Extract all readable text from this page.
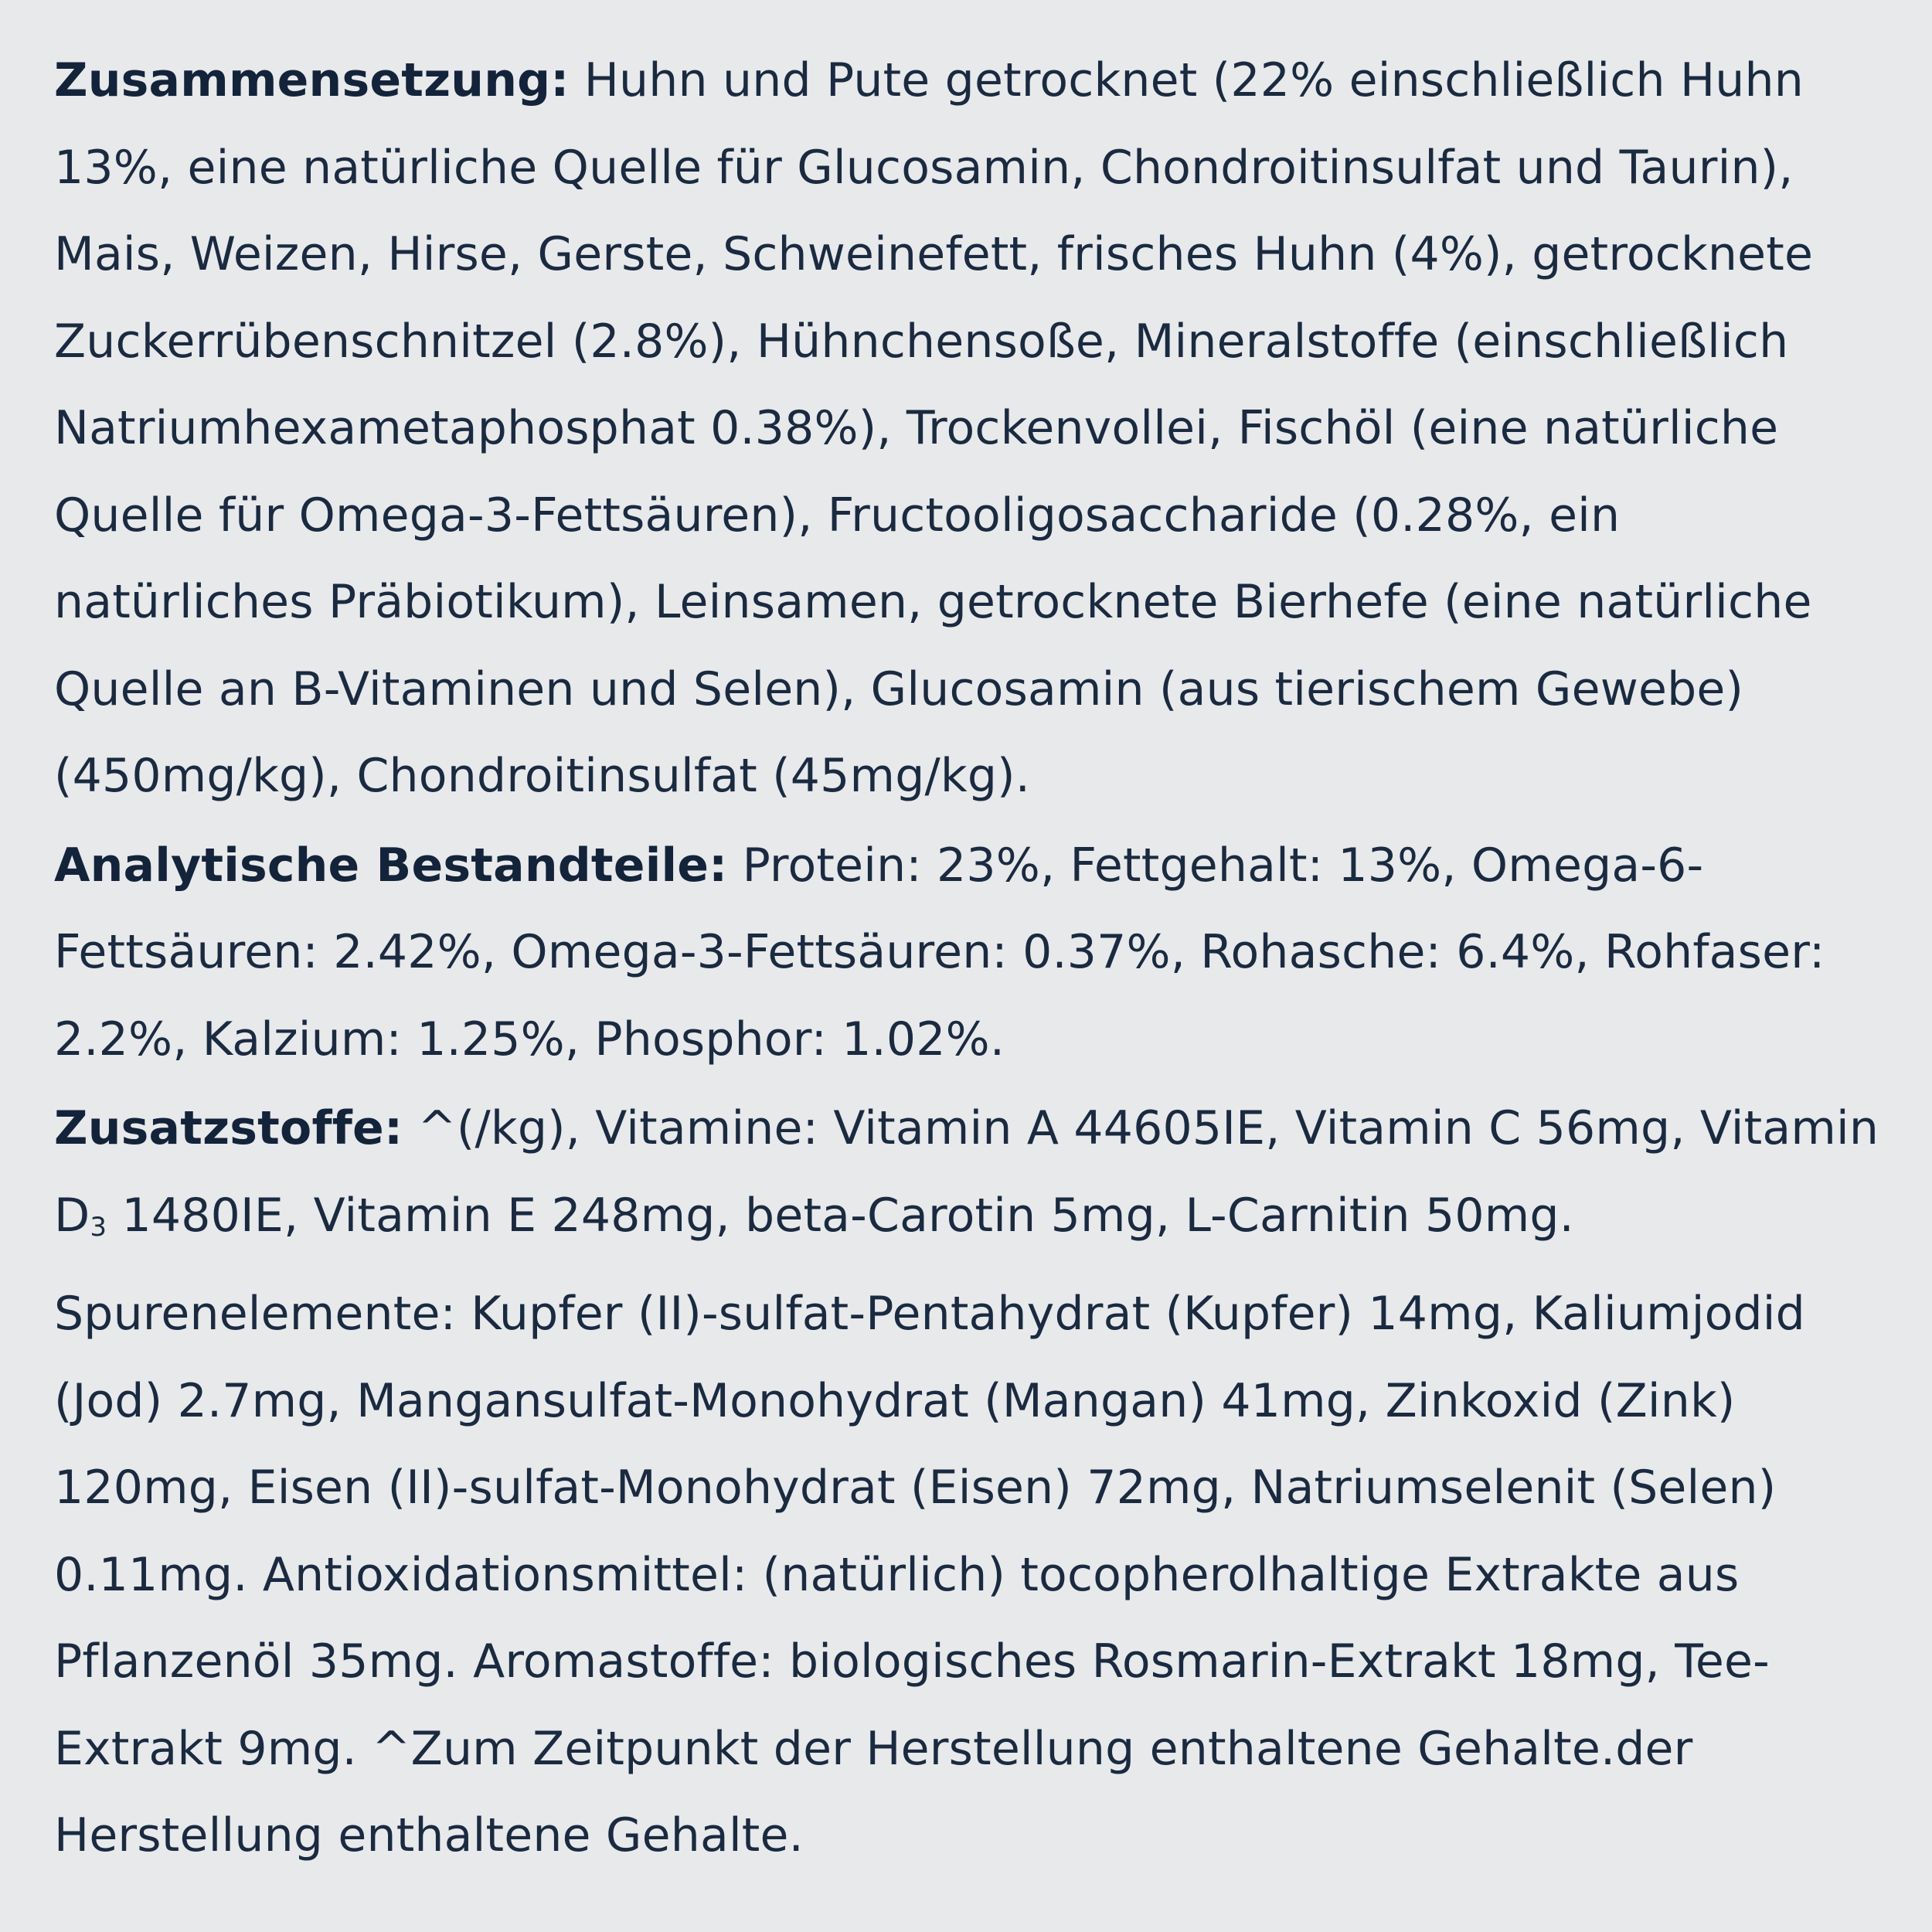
Zusammensetzung: Huhn und Pute getrocknet (22% einschließlich Huhn 13%, eine natürliche Quelle für Glucosamin, Chondroitinsulfat und Taurin), Mais, Weizen, Hirse, Gerste, Schweinefett, frisches Huhn (4%), getrocknete Zuckerrübenschnitzel (2.8%), Hühnchensoße, Mineralstoffe (einschließlich Natriumhexametaphosphat 0.38%), Trockenvollei, Fischöl (eine natürliche Quelle für Omega-3-Fettsäuren), Fructooligosaccharide (0.28%, ein natürliches Präbiotikum), Leinsamen, getrocknete Bierhefe (eine natürliche Quelle an B-Vitaminen und Selen), Glucosamin (aus tierischem Gewebe) (450mg/kg), Chondroitinsulfat (45mg/kg).

Analytische Bestandteile: Protein: 23%, Fettgehalt: 13%, Omega-6-Fettsäuren: 2.42%, Omega-3-Fettsäuren: 0.37%, Rohasche: 6.4%, Rohfaser: 2.2%, Kalzium: 1.25%, Phosphor: 1.02%.

Zusatzstoffe: ^(/kg), Vitamine: Vitamin A 44605IE, Vitamin C 56mg, Vitamin D3 1480IE, Vitamin E 248mg, beta-Carotin 5mg, L-Carnitin 50mg. Spurenelemente: Kupfer (II)-sulfat-Pentahydrat (Kupfer) 14mg, Kaliumjodid (Jod) 2.7mg, Mangansulfat-Monohydrat (Mangan) 41mg, Zinkoxid (Zink) 120mg, Eisen (II)-sulfat-Monohydrat (Eisen) 72mg, Natriumselenit (Selen) 0.11mg. Antioxidationsmittel: (natürlich) tocopherolhaltige Extrakte aus Pflanzenöl 35mg. Aromastoffe: biologisches Rosmarin-Extrakt 18mg, Tee-Extrakt 9mg. ^Zum Zeitpunkt der Herstellung enthaltene Gehalte.der Herstellung enthaltene Gehalte.
